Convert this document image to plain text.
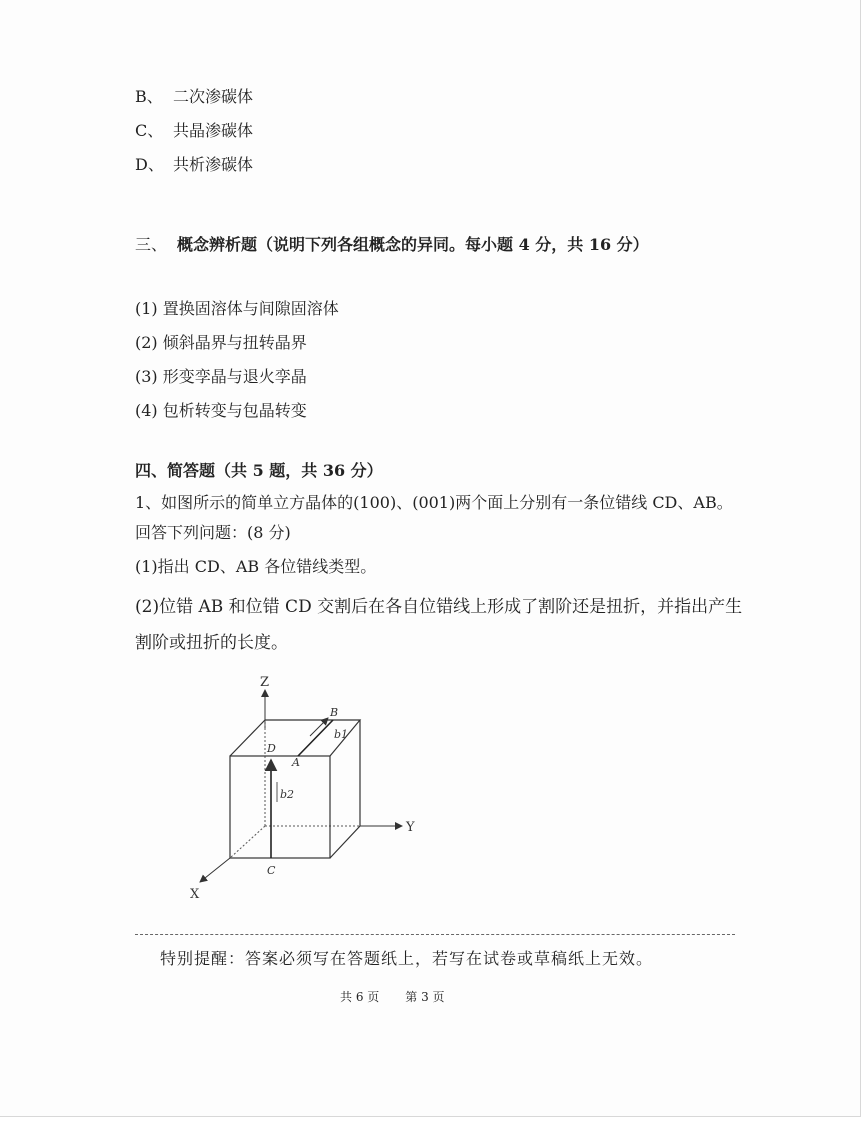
B、 二次渗碳体
C、 共晶渗碳体
D、 共析渗碳体
三、 概念辨析题（说明下列各组概念的异同。每小题 4 分，共 16 分）
(1) 置换固溶体与间隙固溶体
(2) 倾斜晶界与扭转晶界
(3) 形变孪晶与退火孪晶
(4) 包析转变与包晶转变
四、简答题（共 5 题，共 36 分）
1、如图所示的简单立方晶体的(100)、(001)两个面上分别有一条位错线 CD、AB。
回答下列问题：(8 分)
(1)指出 CD、AB 各位错线类型。
(2)位错 AB 和位错 CD 交割后在各自位错线上形成了割阶还是扭折，并指出产生
割阶或扭折的长度。
Z
Y
X
B
b1
A
D
b2
C
特别提醒：答案必须写在答题纸上，若写在试卷或草稿纸上无效。
共 6 页 第 3 页
